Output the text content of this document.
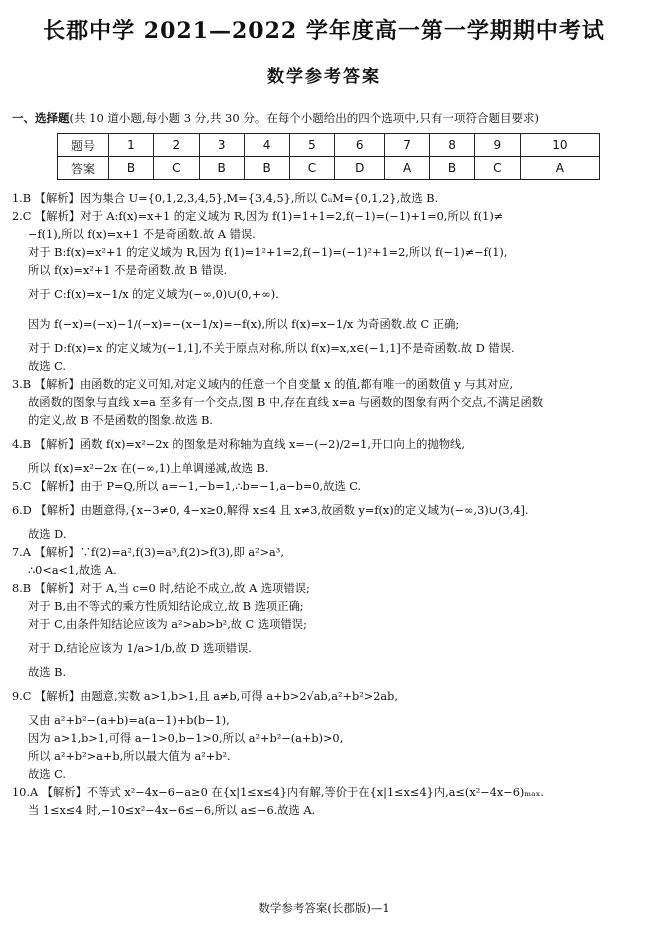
长郡中学 2021—2022 学年度高一第一学期期中考试
数学参考答案
一、选择题(共 10 道小题,每小题 3 分,共 30 分。在每个小题给出的四个选项中,只有一项符合题目要求)
题号	1	2	3	4	5	6	7	8	9	10
答案	B	C	B	B	C	D	A	B	C	A

1.B 【解析】因为集合 U={0,1,2,3,4,5},M={3,4,5},所以 ∁ᵤM={0,1,2},故选 B.

2.C 【解析】对于 A:f(x)=x+1 的定义域为 R,因为 f(1)=1+1=2,f(−1)=(−1)+1=0,所以 f(1)≠

−f(1),所以 f(x)=x+1 不是奇函数.故 A 错误.

对于 B:f(x)=x²+1 的定义域为 R,因为 f(1)=1²+1=2,f(−1)=(−1)²+1=2,所以 f(−1)≠−f(1),

所以 f(x)=x²+1 不是奇函数.故 B 错误.

对于 C:f(x)=x−1/x 的定义域为(−∞,0)∪(0,+∞).

因为 f(−x)=(−x)−1/(−x)=−(x−1/x)=−f(x),所以 f(x)=x−1/x 为奇函数.故 C 正确;

对于 D:f(x)=x 的定义域为(−1,1],不关于原点对称,所以 f(x)=x,x∈(−1,1]不是奇函数.故 D 错误.

故选 C.

3.B 【解析】由函数的定义可知,对定义域内的任意一个自变量 x 的值,都有唯一的函数值 y 与其对应,

故函数的图象与直线 x=a 至多有一个交点,图 B 中,存在直线 x=a 与函数的图象有两个交点,不满足函数

的定义,故 B 不是函数的图象.故选 B.

4.B 【解析】函数 f(x)=x²−2x 的图象是对称轴为直线 x=−(−2)/2=1,开口向上的抛物线,

所以 f(x)=x²−2x 在(−∞,1)上单调递减,故选 B.

5.C 【解析】由于 P=Q,所以 a=−1,−b=1,∴b=−1,a−b=0,故选 C.

6.D 【解析】由题意得,{x−3≠0, 4−x≥0,解得 x≤4 且 x≠3,故函数 y=f(x)的定义域为(−∞,3)∪(3,4].

故选 D.

7.A 【解析】∵f(2)=a²,f(3)=a³,f(2)>f(3),即 a²>a³,

∴0<a<1,故选 A.

8.B 【解析】对于 A,当 c=0 时,结论不成立,故 A 选项错误;

对于 B,由不等式的乘方性质知结论成立,故 B 选项正确;

对于 C,由条件知结论应该为 a²>ab>b²,故 C 选项错误;

对于 D,结论应该为 1/a>1/b,故 D 选项错误.

故选 B.

9.C 【解析】由题意,实数 a>1,b>1,且 a≠b,可得 a+b>2√ab,a²+b²>2ab,

又由 a²+b²−(a+b)=a(a−1)+b(b−1),

因为 a>1,b>1,可得 a−1>0,b−1>0,所以 a²+b²−(a+b)>0,

所以 a²+b²>a+b,所以最大值为 a²+b².

故选 C.

10.A 【解析】不等式 x²−4x−6−a≥0 在{x|1≤x≤4}内有解,等价于在{x|1≤x≤4}内,a≤(x²−4x−6)ₘₐₓ.

当 1≤x≤4 时,−10≤x²−4x−6≤−6,所以 a≤−6.故选 A.

数学参考答案(长郡版)—1
